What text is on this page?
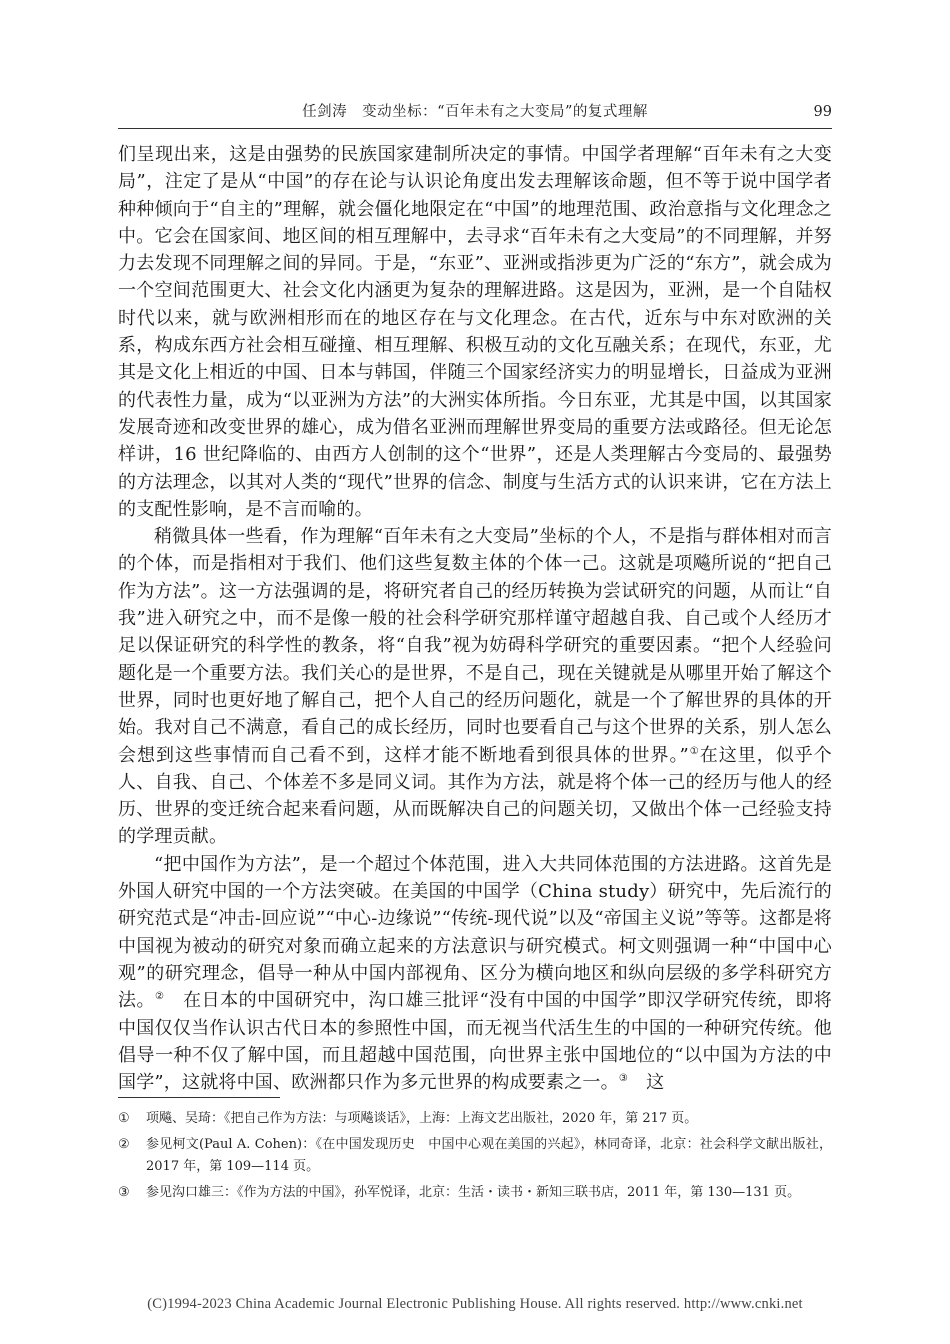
任剑涛　变动坐标：“百年未有之大变局”的复式理解	99

们呈现出来，这是由强势的民族国家建制所决定的事情。中国学者理解“百年未有之大变局”，注定了是从“中国”的存在论与认识论角度出发去理解该命题，但不等于说中国学者种种倾向于“自主的”理解，就会僵化地限定在“中国”的地理范围、政治意指与文化理念之中。它会在国家间、地区间的相互理解中，去寻求“百年未有之大变局”的不同理解，并努力去发现不同理解之间的异同。于是，“东亚”、亚洲或指涉更为广泛的“东方”，就会成为一个空间范围更大、社会文化内涵更为复杂的理解进路。这是因为，亚洲，是一个自陆权时代以来，就与欧洲相形而在的地区存在与文化理念。在古代，近东与中东对欧洲的关系，构成东西方社会相互碰撞、相互理解、积极互动的文化互融关系；在现代，东亚，尤其是文化上相近的中国、日本与韩国，伴随三个国家经济实力的明显增长，日益成为亚洲的代表性力量，成为“以亚洲为方法”的大洲实体所指。今日东亚，尤其是中国，以其国家发展奇迹和改变世界的雄心，成为借名亚洲而理解世界变局的重要方法或路径。但无论怎样讲，16 世纪降临的、由西方人创制的这个“世界”，还是人类理解古今变局的、最强势的方法理念，以其对人类的“现代”世界的信念、制度与生活方式的认识来讲，它在方法上的支配性影响，是不言而喻的。

稍微具体一些看，作为理解“百年未有之大变局”坐标的个人，不是指与群体相对而言的个体，而是指相对于我们、他们这些复数主体的个体一己。这就是项飚所说的“把自己作为方法”。这一方法强调的是，将研究者自己的经历转换为尝试研究的问题，从而让“自我”进入研究之中，而不是像一般的社会科学研究那样谨守超越自我、自己或个人经历才足以保证研究的科学性的教条，将“自我”视为妨碍科学研究的重要因素。“把个人经验问题化是一个重要方法。我们关心的是世界，不是自己，现在关键就是从哪里开始了解这个世界，同时也更好地了解自己，把个人自己的经历问题化，就是一个了解世界的具体的开始。我对自己不满意，看自己的成长经历，同时也要看自己与这个世界的关系，别人怎么会想到这些事情而自己看不到，这样才能不断地看到很具体的世界。”①在这里，似乎个人、自我、自己、个体差不多是同义词。其作为方法，就是将个体一己的经历与他人的经历、世界的变迁统合起来看问题，从而既解决自己的问题关切，又做出个体一己经验支持的学理贡献。

“把中国作为方法”，是一个超过个体范围，进入大共同体范围的方法进路。这首先是外国人研究中国的一个方法突破。在美国的中国学（China study）研究中，先后流行的研究范式是“冲击-回应说”“中心-边缘说”“传统-现代说”以及“帝国主义说”等等。这都是将中国视为被动的研究对象而确立起来的方法意识与研究模式。柯文则强调一种“中国中心观”的研究理念，倡导一种从中国内部视角、区分为横向地区和纵向层级的多学科研究方法。②　在日本的中国研究中，沟口雄三批评“没有中国的中国学”即汉学研究传统，即将中国仅仅当作认识古代日本的参照性中国，而无视当代活生生的中国的一种研究传统。他倡导一种不仅了解中国，而且超越中国范围，向世界主张中国地位的“以中国为方法的中国学”，这就将中国、欧洲都只作为多元世界的构成要素之一。③　这

①	项飚、吴琦：《把自己作为方法：与项飚谈话》，上海：上海文艺出版社，2020 年，第 217 页。
②	参见柯文(Paul A. Cohen)：《在中国发现历史　中国中心观在美国的兴起》，林同奇译，北京：社会科学文献出版社，2017 年，第 109—114 页。
③	参见沟口雄三：《作为方法的中国》，孙军悦译，北京：生活・读书・新知三联书店，2011 年，第 130—131 页。
(C)1994-2023 China Academic Journal Electronic Publishing House. All rights reserved. http://www.cnki.net
